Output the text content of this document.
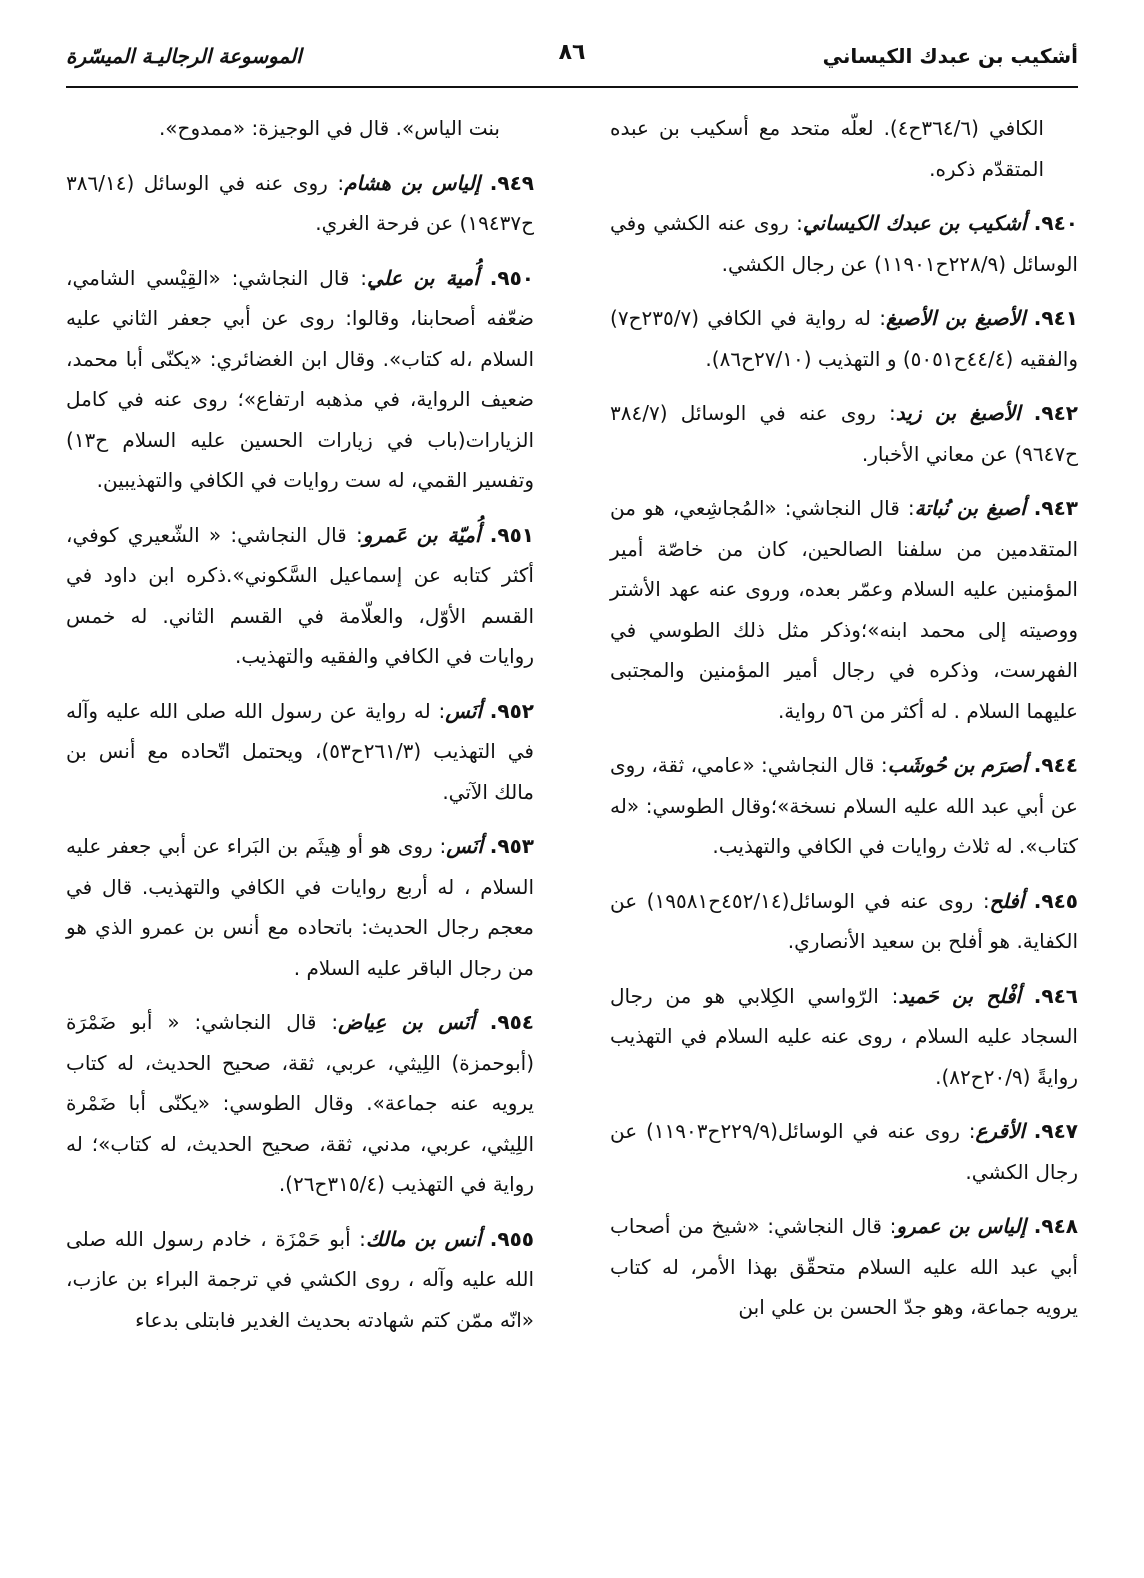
أشكيب بن عبدك الكيساني
٨٦
الموسوعة الرجاليـة الميسّرة
الكافي (٣٦٤/٦ح٤). لعلّه متحد مع أسكيب بن عبده المتقدّم ذكره.
٩٤٠. أشكيب بن عبدك الكيساني: روى عنه الكشي وفي الوسائل (٢٢٨/٩ح١١٩٠١) عن رجال الكشي.
٩٤١. الأصبغ بن الأصبغ: له رواية في الكافي (٢٣٥/٧ح٧) والفقيه (٤٤/٤ح٥٠٥١) و التهذيب (٢٧/١٠ح٨٦).
٩٤٢. الأصبغ بن زيد: روى عنه في الوسائل (٣٨٤/٧ ح٩٦٤٧) عن معاني الأخبار.
٩٤٣. أصبغ بن نُباتة: قال النجاشي: «المُجاشِعي، هو من المتقدمين من سلفنا الصالحين، كان من خاصّة أمير المؤمنين عليه السلام وعمّر بعده، وروى عنه عهد الأشتر ووصيته إلى محمد ابنه»؛وذكر مثل ذلك الطوسي في الفهرست، وذكره في رجال أمير المؤمنين والمجتبى عليهما السلام . له أكثر من ٥٦ رواية.
٩٤٤. أصرَم بن حُوشَب: قال النجاشي: «عامي، ثقة، روى عن أبي عبد الله عليه السلام نسخة»؛وقال الطوسي: «له كتاب». له ثلاث روايات في الكافي والتهذيب.
٩٤٥. أفلح: روى عنه في الوسائل(٤٥٢/١٤ح١٩٥٨١) عن الكفاية. هو أفلح بن سعيد الأنصاري.
٩٤٦. أفْلح بن حَميد: الرّواسي الكِلابي هو من رجال السجاد عليه السلام ، روى عنه عليه السلام في التهذيب روايةً (٢٠/٩ح٨٢).
٩٤٧. الأقرع: روى عنه في الوسائل(٢٢٩/٩ح١١٩٠٣) عن رجال الكشي.
٩٤٨. إلياس بن عمرو: قال النجاشي: «شيخ من أصحاب أبي عبد الله عليه السلام متحقّق بهذا الأمر، له كتاب يرويه جماعة، وهو جدّ الحسن بن علي ابن
بنت الياس». قال في الوجيزة: «ممدوح».
٩٤٩. إلياس بن هشام: روى عنه في الوسائل (٣٨٦/١٤ ح١٩٤٣٧) عن فرحة الغري.
٩٥٠. أُمية بن علي: قال النجاشي: «القِيْسي الشامي، ضعّفه أصحابنا، وقالوا: روى عن أبي جعفر الثاني عليه السلام ،له كتاب». وقال ابن الغضائري: «يكنّى أبا محمد، ضعيف الرواية، في مذهبه ارتفاع»؛ روى عنه في كامل الزيارات(باب في زيارات الحسين عليه السلام ح١٣) وتفسير القمي، له ست روايات في الكافي والتهذيبين.
٩٥١. أُميّة بن عَمرو: قال النجاشي: « الشّعيري كوفي، أكثر كتابه عن إسماعيل السَّكوني».ذكره ابن داود في القسم الأوّل، والعلّامة في القسم الثاني. له خمس روايات في الكافي والفقيه والتهذيب.
٩٥٢. أنَس: له رواية عن رسول الله صلى الله عليه وآله في التهذيب (٢٦١/٣ح٥٣)، ويحتمل اتّحاده مع أنس بن مالك الآتي.
٩٥٣. أنَس: روى هو أو هِيثَم بن البَراء عن أبي جعفر عليه السلام ، له أربع روايات في الكافي والتهذيب. قال في معجم رجال الحديث: باتحاده مع أنس بن عمرو الذي هو من رجال الباقر عليه السلام .
٩٥٤. أنَس بن عِياض: قال النجاشي: « أبو ضَمْرَة (أبوحمزة) اللِيثي، عربي، ثقة، صحيح الحديث، له كتاب يرويه عنه جماعة». وقال الطوسي: «يكنّى أبا ضَمْرة اللِيثي، عربي، مدني، ثقة، صحيح الحديث، له كتاب»؛ له رواية في التهذيب (٣١٥/٤ح٢٦).
٩٥٥. أنس بن مالك: أبو حَمْزَة ، خادم رسول الله صلى الله عليه وآله ، روى الكشي في ترجمة البراء بن عازب، «انّه ممّن كتم شهادته بحديث الغدير فابتلى بدعاء
